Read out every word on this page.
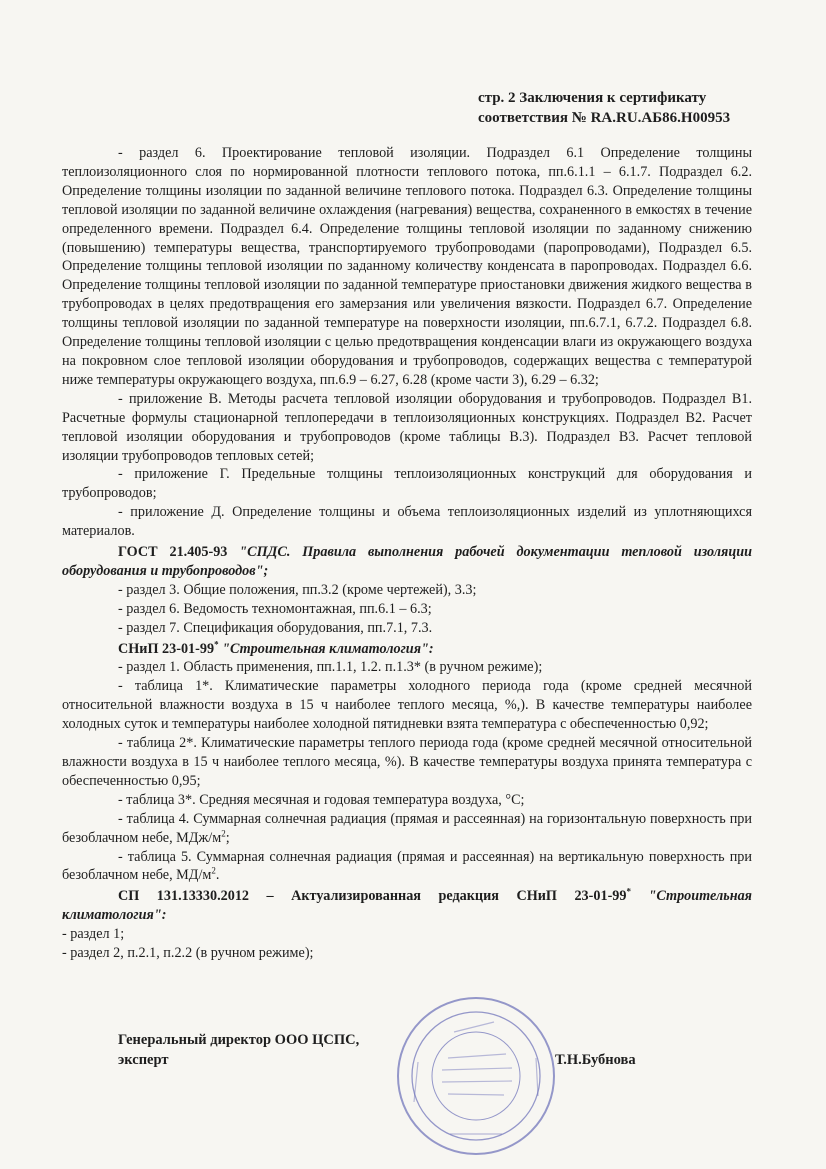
стр. 2 Заключения к сертификату
соответствия № RA.RU.АБ86.Н00953

- раздел 6. Проектирование тепловой изоляции. Подраздел 6.1 Определение толщины теплоизоляционного слоя по нормированной плотности теплового потока, пп.6.1.1 – 6.1.7. Подраздел 6.2. Определение толщины изоляции по заданной величине теплового потока. Подраздел 6.3. Определение толщины тепловой изоляции по заданной величине охлаждения (нагревания) вещества, сохраненного в емкостях в течение определенного времени. Подраздел 6.4. Определение толщины тепловой изоляции по заданному снижению (повышению) температуры вещества, транспортируемого трубопроводами (паропроводами), Подраздел 6.5. Определение толщины тепловой изоляции по заданному количеству конденсата в паропроводах. Подраздел 6.6. Определение толщины тепловой изоляции по заданной температуре приостановки движения жидкого вещества в трубопроводах в целях предотвращения его замерзания или увеличения вязкости. Подраздел 6.7. Определение толщины тепловой изоляции по заданной температуре на поверхности изоляции, пп.6.7.1, 6.7.2. Подраздел 6.8. Определение толщины тепловой изоляции с целью предотвращения конденсации влаги из окружающего воздуха на покровном слое тепловой изоляции оборудования и трубопроводов, содержащих вещества с температурой ниже температуры окружающего воздуха, пп.6.9 – 6.27, 6.28 (кроме части 3), 6.29 – 6.32;

- приложение В. Методы расчета тепловой изоляции оборудования и трубопроводов. Подраздел В1. Расчетные формулы стационарной теплопередачи в теплоизоляционных конструкциях. Подраздел В2. Расчет тепловой изоляции оборудования и трубопроводов (кроме таблицы В.3). Подраздел В3. Расчет тепловой изоляции трубопроводов тепловых сетей;

- приложение Г. Предельные толщины теплоизоляционных конструкций для оборудования и трубопроводов;

- приложение Д. Определение толщины и объема теплоизоляционных изделий из уплотняющихся материалов.

ГОСТ 21.405-93 "СПДС. Правила выполнения рабочей документации тепловой изоляции оборудования и трубопроводов";

- раздел 3. Общие положения, пп.3.2 (кроме чертежей), 3.3;

- раздел 6. Ведомость техномонтажная, пп.6.1 – 6.3;

- раздел 7. Спецификация оборудования, пп.7.1, 7.3.

СНиП 23-01-99* "Строительная климатология":

- раздел 1. Область применения, пп.1.1, 1.2. п.1.3* (в ручном режиме);

- таблица 1*. Климатические параметры холодного периода года (кроме средней месячной относительной влажности воздуха в 15 ч наиболее теплого месяца, %,). В качестве температуры наиболее холодных суток и температуры наиболее холодной пятидневки взята температура с обеспеченностью 0,92;

- таблица 2*. Климатические параметры теплого периода года (кроме средней месячной относительной влажности воздуха в 15 ч наиболее теплого месяца, %). В качестве температуры воздуха принята температура с обеспеченностью 0,95;

- таблица 3*. Средняя месячная и годовая температура воздуха, °С;

- таблица 4. Суммарная солнечная радиация (прямая и рассеянная) на горизонтальную поверхность при безоблачном небе, МДж/$м^2$;

- таблица 5. Суммарная солнечная радиация (прямая и рассеянная) на вертикальную поверхность при безоблачном небе, $МД/м^2$.

СП 131.13330.2012 – Актуализированная редакция СНиП 23-01-99* "Строительная климатология":

- раздел 1;

- раздел 2, п.2.1, п.2.2 (в ручном режиме);

Генеральный директор ООО ЦСПС,
эксперт	Т.Н.Бубнова
